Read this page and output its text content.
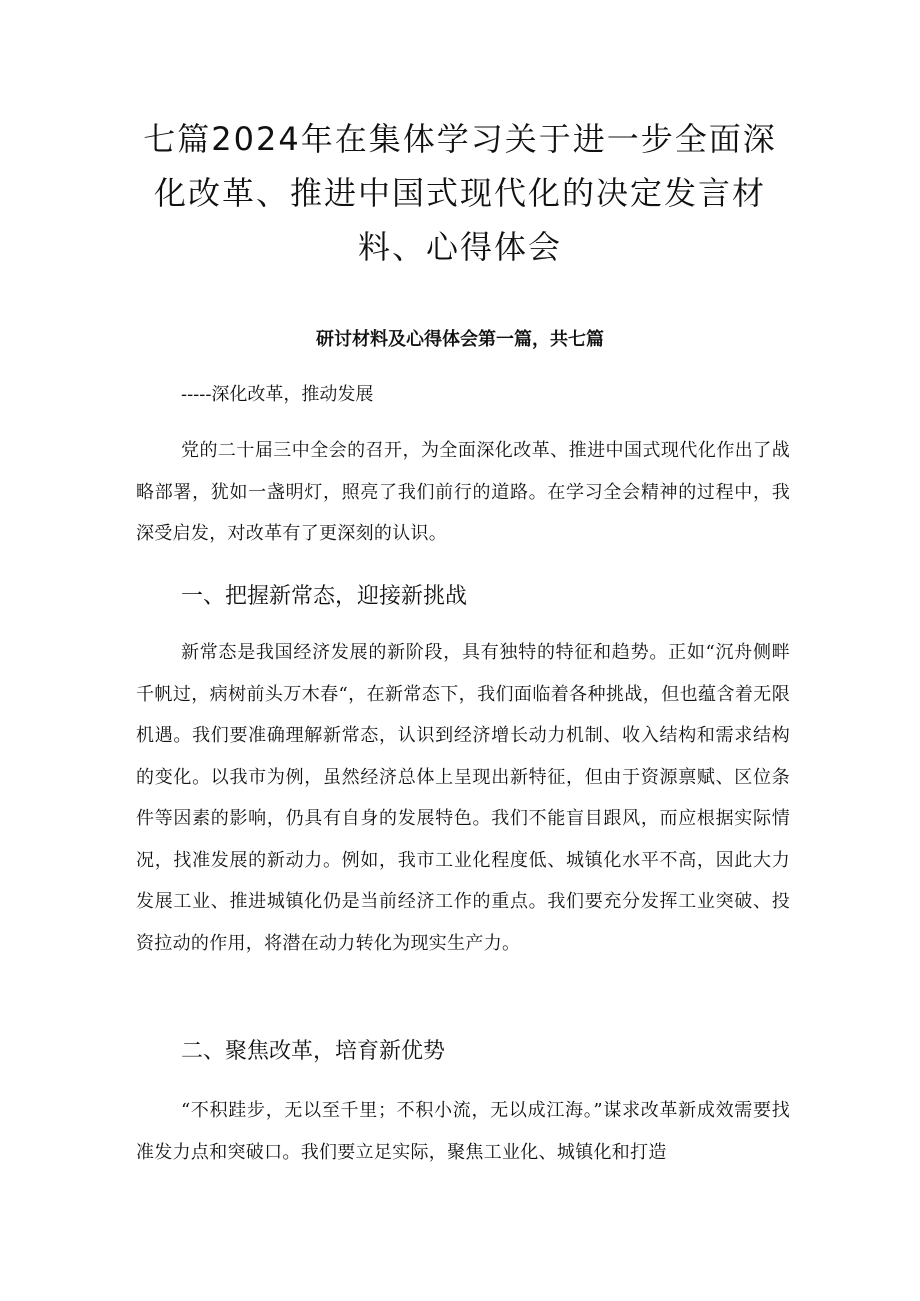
七篇2024年在集体学习关于进一步全面深化改革、推进中国式现代化的决定发言材料、心得体会

研讨材料及心得体会第一篇，共七篇

-----深化改革，推动发展

党的二十届三中全会的召开，为全面深化改革、推进中国式现代化作出了战略部署，犹如一盏明灯，照亮了我们前行的道路。在学习全会精神的过程中，我深受启发，对改革有了更深刻的认识。

一、把握新常态，迎接新挑战

新常态是我国经济发展的新阶段，具有独特的特征和趋势。正如“沉舟侧畔千帆过，病树前头万木春“，在新常态下，我们面临着各种挑战，但也蕴含着无限机遇。我们要准确理解新常态，认识到经济增长动力机制、收入结构和需求结构的变化。以我市为例，虽然经济总体上呈现出新特征，但由于资源禀赋、区位条件等因素的影响，仍具有自身的发展特色。我们不能盲目跟风，而应根据实际情况，找准发展的新动力。例如，我市工业化程度低、城镇化水平不高，因此大力发展工业、推进城镇化仍是当前经济工作的重点。我们要充分发挥工业突破、投资拉动的作用，将潜在动力转化为现实生产力。

二、聚焦改革，培育新优势

“不积跬步，无以至千里；不积小流，无以成江海。”谋求改革新成效需要找准发力点和突破口。我们要立足实际，聚焦工业化、城镇化和打造
